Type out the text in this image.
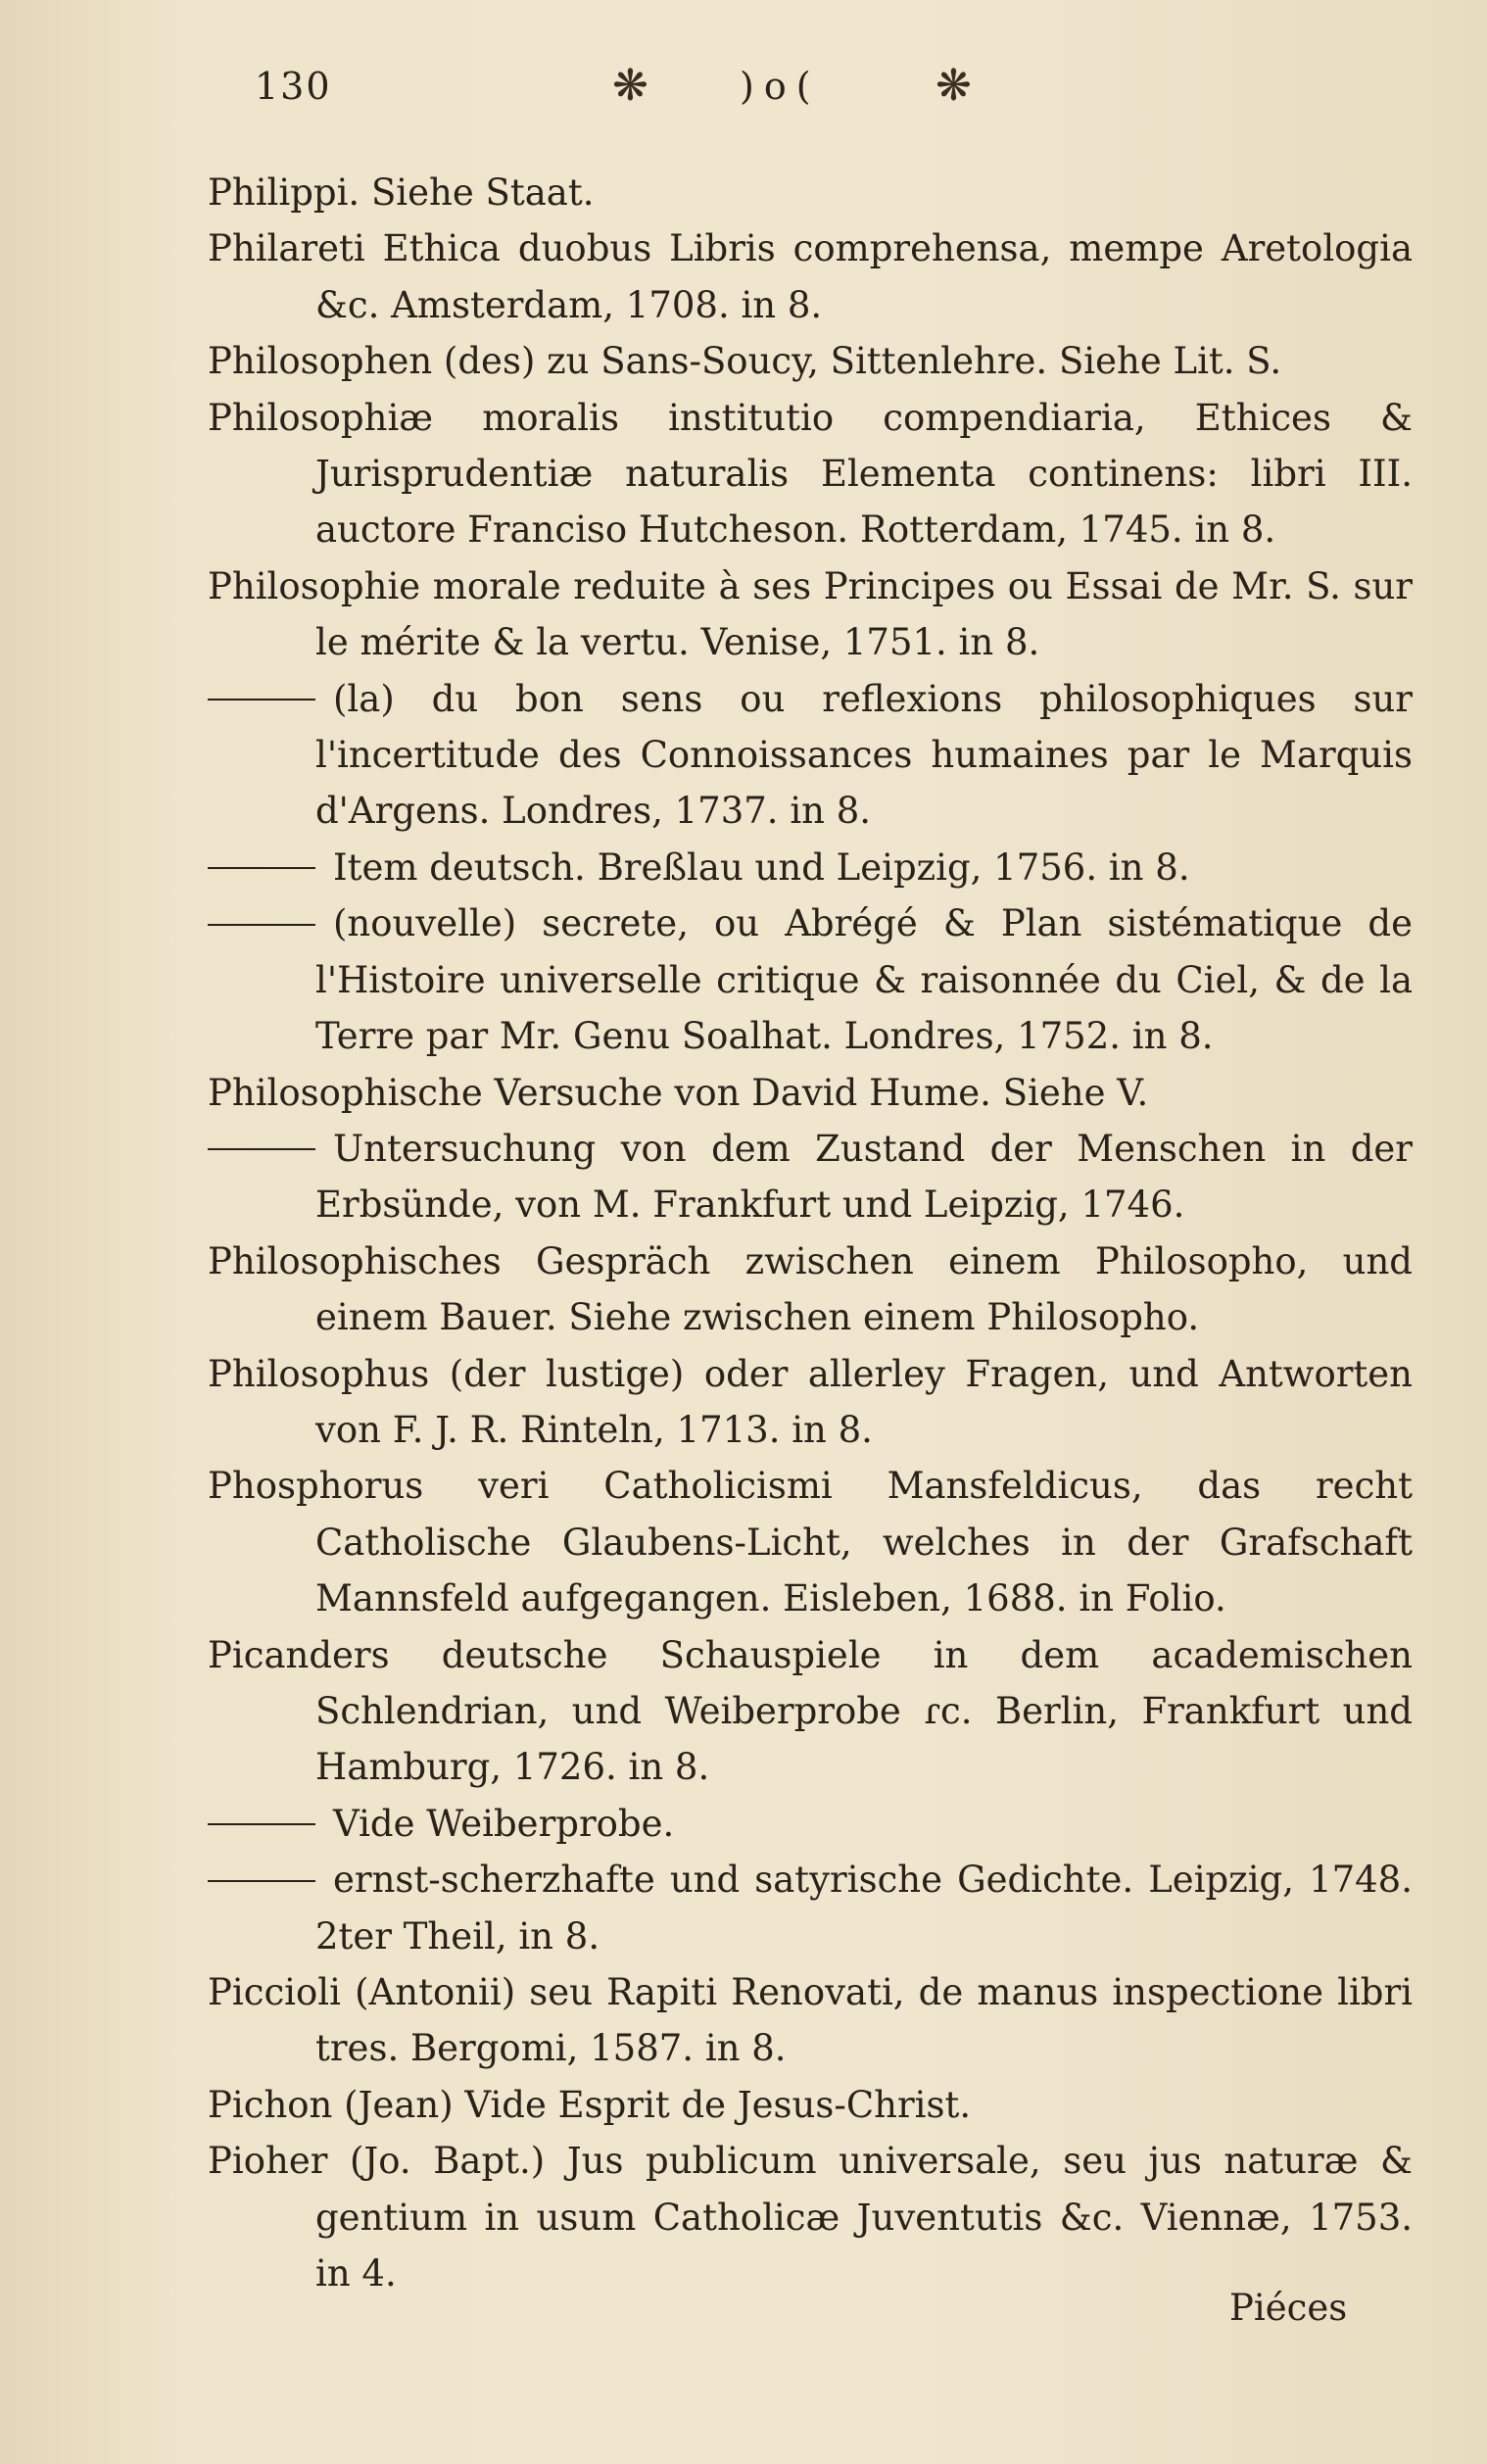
130	❋ )o(	❋

Philippi. Siehe Staat.

Philareti Ethica duobus Libris comprehensa, mempe Aretologia &c. Amsterdam, 1708. in 8.

Philosophen (des) zu Sans-Soucy, Sittenlehre. Siehe Lit. S.

Philosophiæ moralis institutio compendiaria, Ethices & Jurisprudentiæ naturalis Elementa continens: libri III. auctore Franciso Hutcheson. Rotterdam, 1745. in 8.

Philosophie morale reduite à ses Principes ou Essai de Mr. S. sur le mérite & la vertu. Venise, 1751. in 8.

(la) du bon sens ou reflexions philosophiques sur l'incertitude des Connoissances humaines par le Marquis d'Argens. Londres, 1737. in 8.

Item deutsch. Breßlau und Leipzig, 1756. in 8.

(nouvelle) secrete, ou Abrégé & Plan sistématique de l'Histoire universelle critique & raisonnée du Ciel, & de la Terre par Mr. Genu Soalhat. Londres, 1752. in 8.

Philosophische Versuche von David Hume. Siehe V.

Untersuchung von dem Zustand der Menschen in der Erbsünde, von M. Frankfurt und Leipzig, 1746.

Philosophisches Gespräch zwischen einem Philosopho, und einem Bauer. Siehe zwischen einem Philosopho.

Philosophus (der lustige) oder allerley Fragen, und Antworten von F. J. R. Rinteln, 1713. in 8.

Phosphorus veri Catholicismi Mansfeldicus, das recht Catholische Glaubens-Licht, welches in der Grafschaft Mannsfeld aufgegangen. Eisleben, 1688. in Folio.

Picanders deutsche Schauspiele in dem academischen Schlendrian, und Weiberprobe ɾc. Berlin, Frankfurt und Hamburg, 1726. in 8.

Vide Weiberprobe.

ernst-scherzhafte und satyrische Gedichte. Leipzig, 1748. 2ter Theil, in 8.

Piccioli (Antonii) seu Rapiti Renovati, de manus inspectione libri tres. Bergomi, 1587. in 8.

Pichon (Jean) Vide Esprit de Jesus-Christ.

Pioher (Jo. Bapt.) Jus publicum universale, seu jus naturæ & gentium in usum Catholicæ Juventutis &c. Viennæ, 1753. in 4.

Piéces
